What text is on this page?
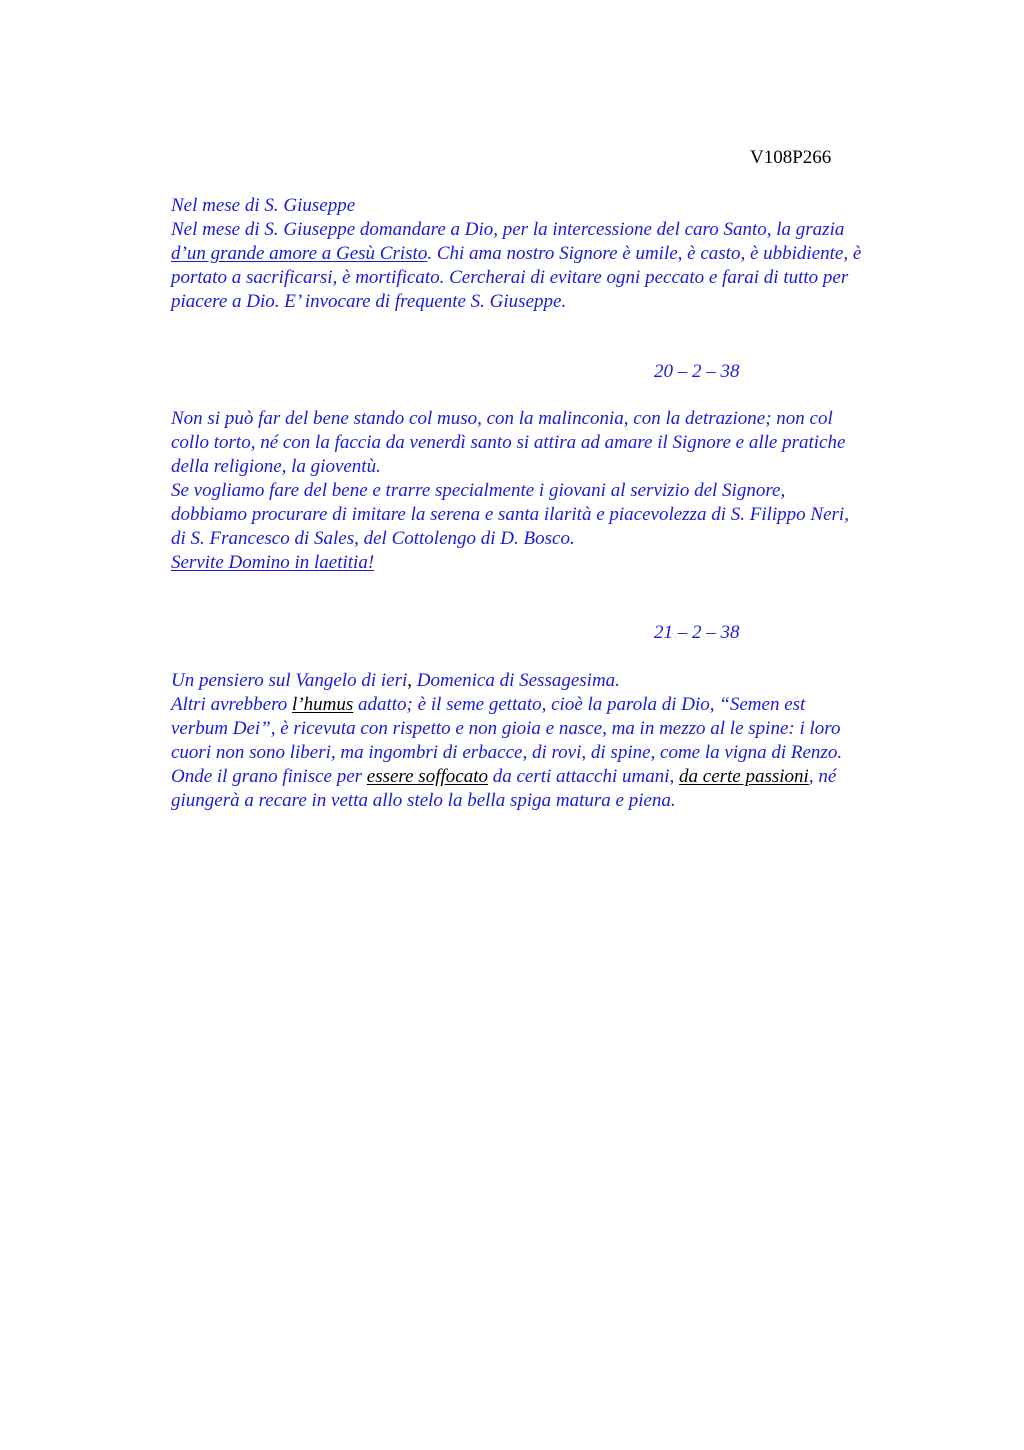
V108P266
Nel mese di S. Giuseppe
Nel mese di S. Giuseppe domandare a Dio, per la intercessione del caro Santo, la grazia
d’un grande amore a Gesù Cristo. Chi ama nostro Signore è umile, è casto, è ubbidiente, è
portato a sacrificarsi, è mortificato. Cercherai di evitare ogni peccato e farai di tutto per
piacere a Dio. E’ invocare di frequente S. Giuseppe.
20 – 2 – 38
Non si può far del bene stando col muso, con la malinconia, con la detrazione; non col
collo torto, né con la faccia da venerdì santo si attira ad amare il Signore e alle pratiche
della religione, la gioventù.
Se vogliamo fare del bene e trarre specialmente i giovani al servizio del Signore,
dobbiamo procurare di imitare la serena e santa ilarità e piacevolezza di S. Filippo Neri,
di S. Francesco di Sales, del Cottolengo di D. Bosco.
Servite Domino in laetitia!
21 – 2 – 38
Un pensiero sul Vangelo di ieri, Domenica di Sessagesima.
Altri avrebbero l’humus adatto; è il seme gettato, cioè la parola di Dio, “Semen est
verbum Dei”, è ricevuta con rispetto e non gioia e nasce, ma in mezzo al le spine: i loro
cuori non sono liberi, ma ingombri di erbacce, di rovi, di spine, come la vigna di Renzo.
Onde il grano finisce per essere soffocato da certi attacchi umani, da certe passioni, né
giungerà a recare in vetta allo stelo la bella spiga matura e piena.
